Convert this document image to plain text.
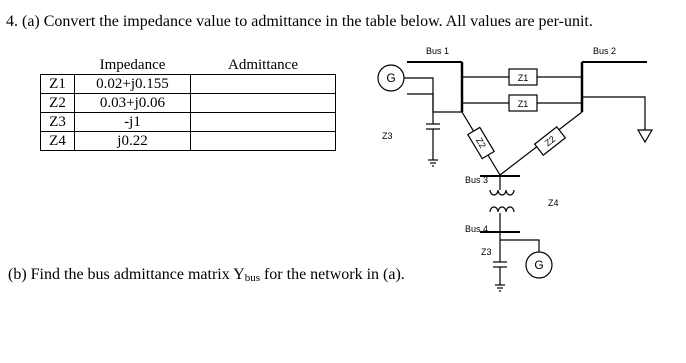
4. (a) Convert the impedance value to admittance in the table below. All values are per-unit.
	Impedance	Admittance
Z1	0.02+j0.155	
Z2	0.03+j0.06	
Z3	-j1	
Z4	j0.22		Z2	Z2
Bus 1	Bus 2
Z1
Z1
Z3
Bus 3
Z4
Bus 4
Z3
G
G
(b) Find the bus admittance matrix $Y_{bus}$ for the network in (a).
